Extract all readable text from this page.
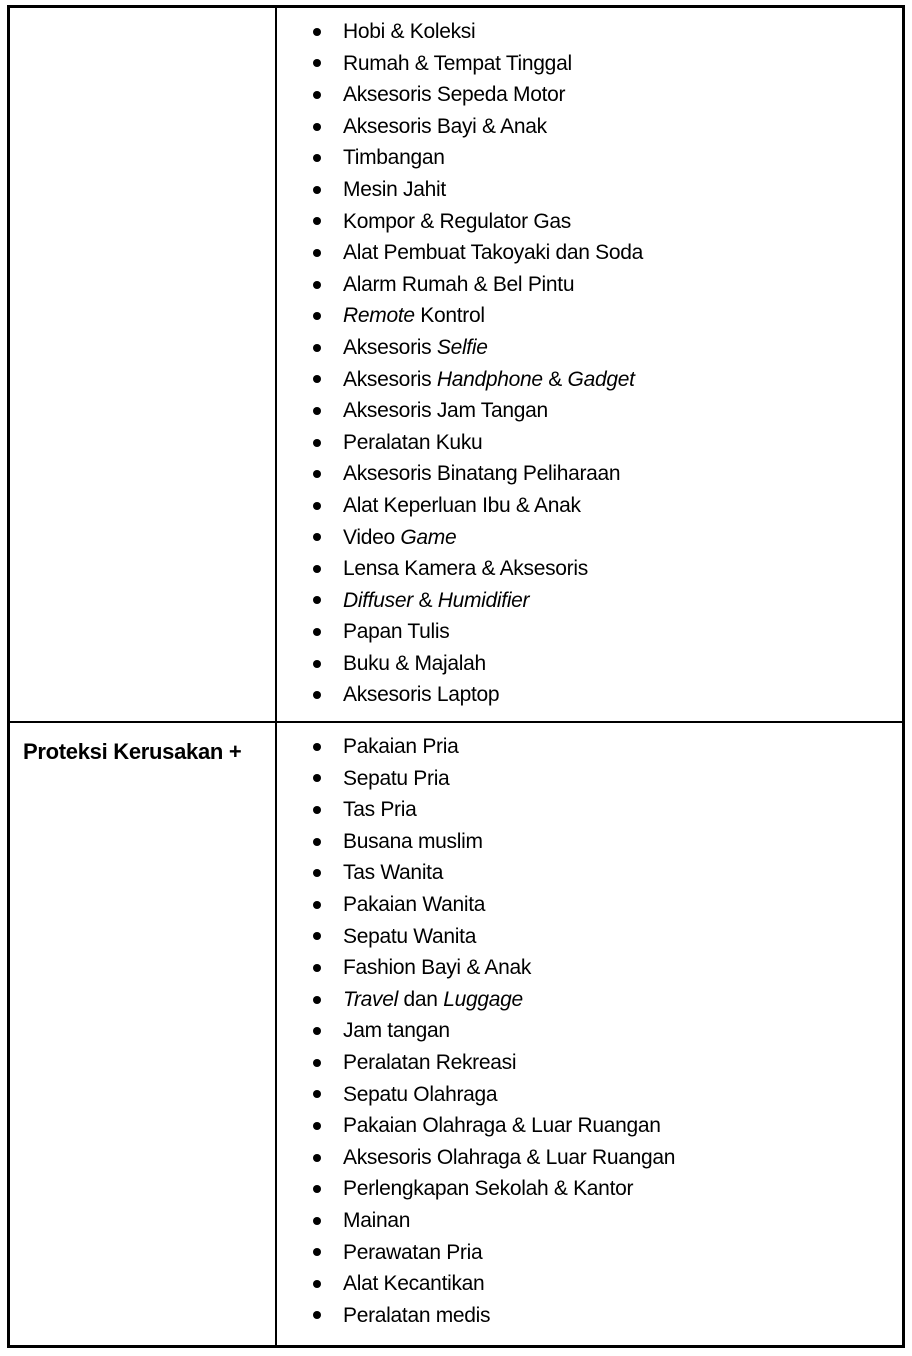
Hobi & Koleksi
Rumah & Tempat Tinggal
Aksesoris Sepeda Motor
Aksesoris Bayi & Anak
Timbangan
Mesin Jahit
Kompor & Regulator Gas
Alat Pembuat Takoyaki dan Soda
Alarm Rumah & Bel Pintu
Remote Kontrol
Aksesoris Selfie
Aksesoris Handphone & Gadget
Aksesoris Jam Tangan
Peralatan Kuku
Aksesoris Binatang Peliharaan
Alat Keperluan Ibu & Anak
Video Game
Lensa Kamera & Aksesoris
Diffuser & Humidifier
Papan Tulis
Buku & Majalah
Aksesoris Laptop
Proteksi Kerusakan +	Pakaian Pria
Sepatu Pria
Tas Pria
Busana muslim
Tas Wanita
Pakaian Wanita
Sepatu Wanita
Fashion Bayi & Anak
Travel dan Luggage
Jam tangan
Peralatan Rekreasi
Sepatu Olahraga
Pakaian Olahraga & Luar Ruangan
Aksesoris Olahraga & Luar Ruangan
Perlengkapan Sekolah & Kantor
Mainan
Perawatan Pria
Alat Kecantikan
Peralatan medis
